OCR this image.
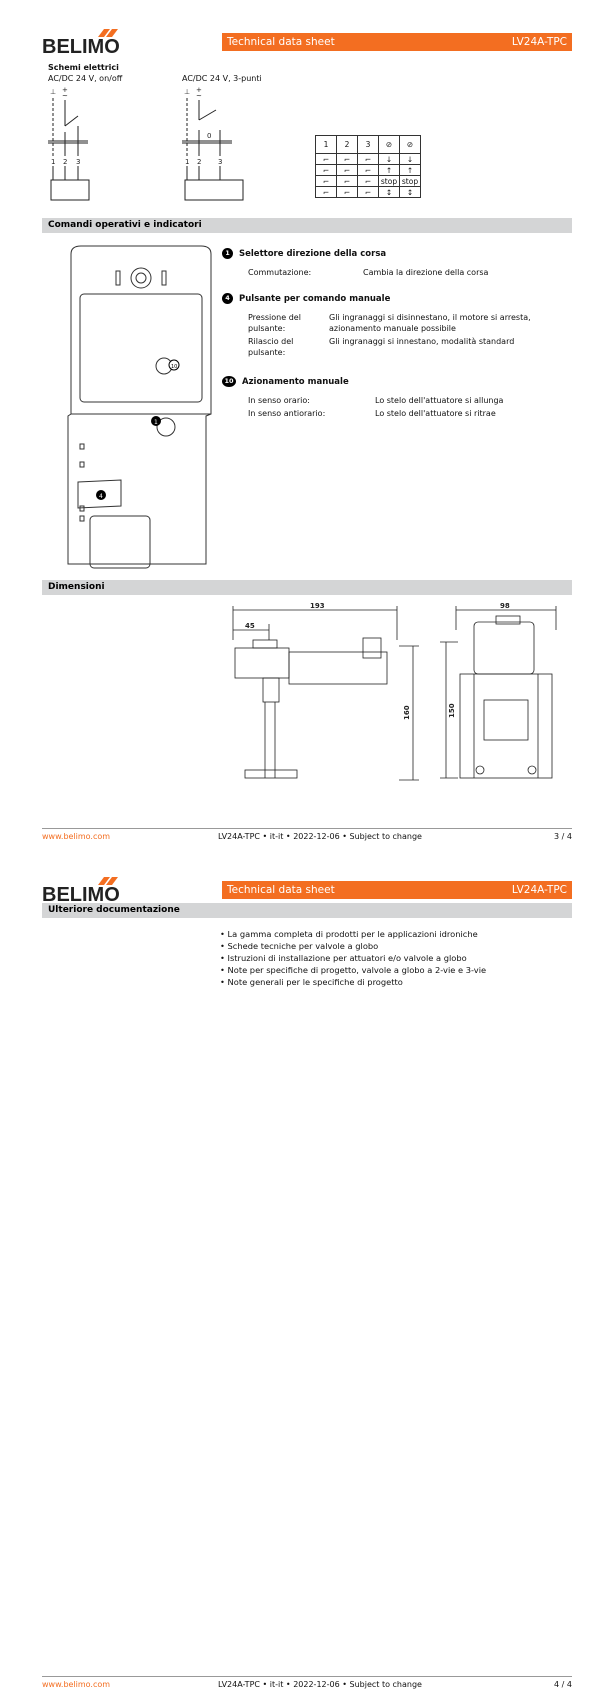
BELIMO	Technical data sheet	LV24A-TPC
Schemi elettrici
AC/DC 24 V, on/off	AC/DC 24 V, 3-punti
⊥ +
~
1 2 3
⊥ +
~
0
1 2 3
1	2	3	⊘	⊘
⌐	⌐	⌐	↓	↓
⌐	⌐	⌐	↑	↑
⌐	⌐	⌐	stop	stop
⌐	⌐	⌐	↕	↕
Comandi operativi e indicatori
10
1
4
1	Selettore direzione della corsa
Commutazione:	Cambia la direzione della corsa
4	Pulsante per comando manuale
Pressione del pulsante:
Gli ingranaggi si disinnestano, il motore si arresta, azionamento manuale possibile
Rilascio del pulsante:
Gli ingranaggi si innestano, modalità standard
10 Azionamento manuale
In senso orario:	Lo stelo dell'attuatore si allunga
In senso antiorario:	Lo stelo dell'attuatore si ritrae
Dimensioni
193
45
160
98
150
www.belimo.com	LV24A-TPC • it-it • 2022-12-06 • Subject to change	3 / 4
BELIMO	Technical data sheet	LV24A-TPC
Ulteriore documentazione
• La gamma completa di prodotti per le applicazioni idroniche
• Schede tecniche per valvole a globo
• Istruzioni di installazione per attuatori e/o valvole a globo
• Note per specifiche di progetto, valvole a globo a 2-vie e 3-vie
• Note generali per le specifiche di progetto
www.belimo.com	LV24A-TPC • it-it • 2022-12-06 • Subject to change	4 / 4
